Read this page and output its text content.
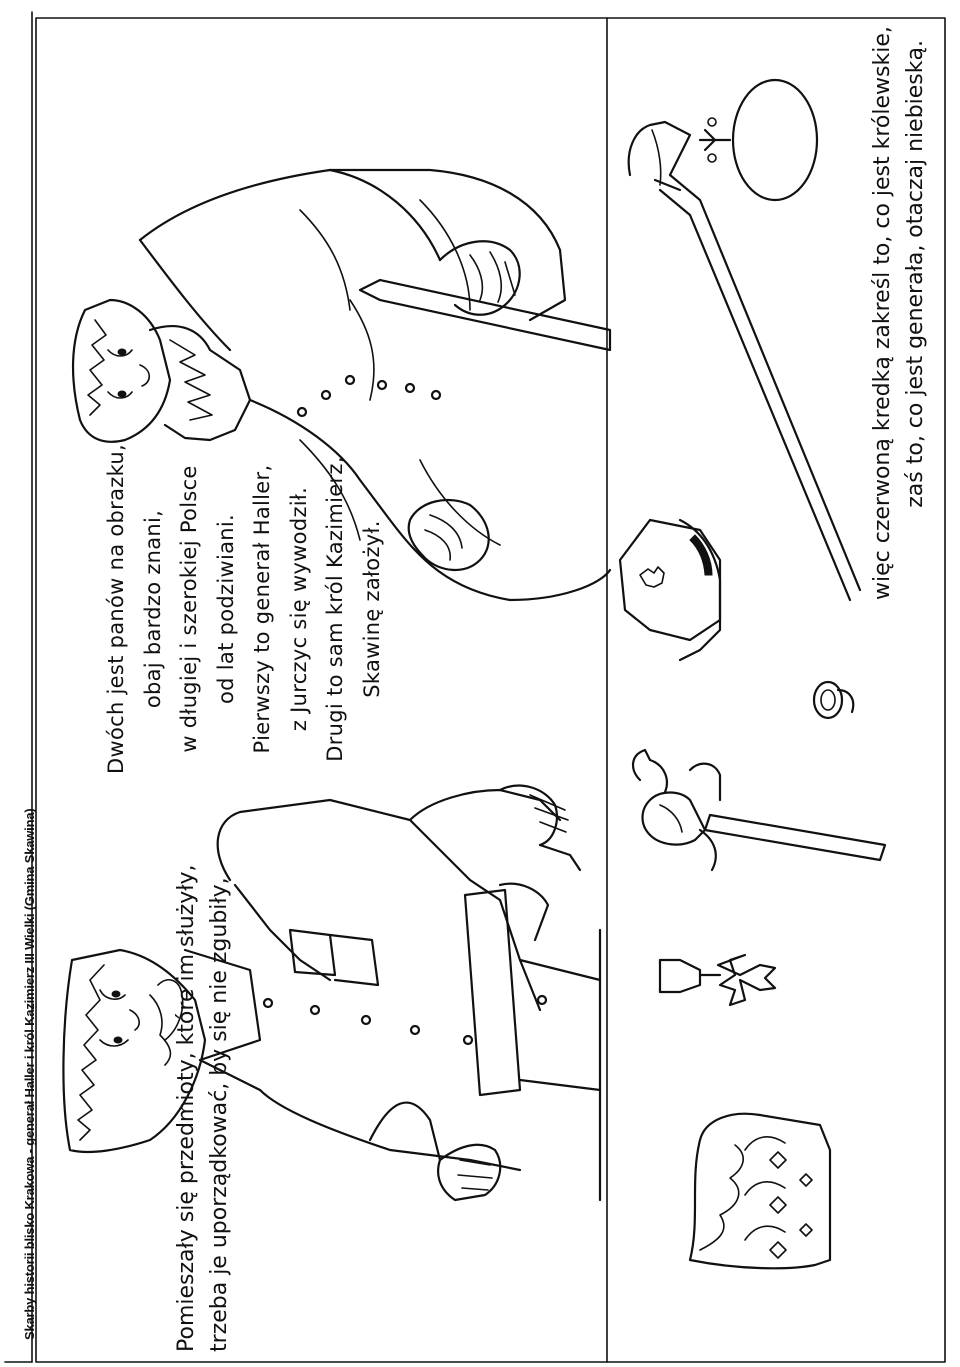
Skarby historii blisko Krakowa - generał Haller i król Kazimierz III Wielki (Gmina Skawina)
Dwóch jest panów na obrazku, obaj bardzo znani, w długiej i szerokiej Polsce od lat podziwiani. Pierwszy to generał Haller, z Jurczyc się wywodził. Drugi to sam król Kazimierz, Skawinę założył.
Pomieszały się przedmioty, które im służyły, trzeba je uporządkować, by się nie zgubiły,
więc czerwoną kredką zakreśl to, co jest królewskie, zaś to, co jest generała, otaczaj niebieską.
